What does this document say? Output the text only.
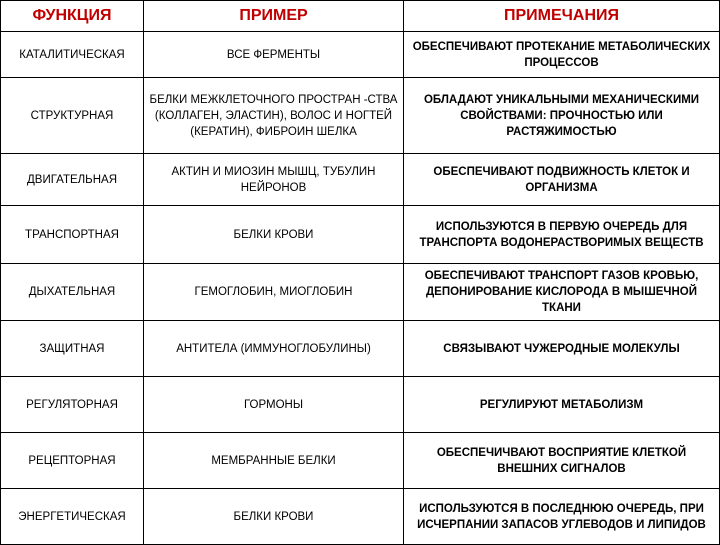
ФУНКЦИЯ	ПРИМЕР	ПРИМЕЧАНИЯ
КАТАЛИТИЧЕСКАЯ	ВСЕ ФЕРМЕНТЫ	ОБЕСПЕЧИВАЮТ ПРОТЕКАНИЕ МЕТАБОЛИЧЕСКИХ ПРОЦЕССОВ
СТРУКТУРНАЯ	БЕЛКИ МЕЖКЛЕТОЧНОГО ПРОСТРАН -СТВА (КОЛЛАГЕН, ЭЛАСТИН), ВОЛОС И НОГТЕЙ (КЕРАТИН), ФИБРОИН ШЕЛКА	ОБЛАДАЮТ УНИКАЛЬНЫМИ МЕХАНИЧЕСКИМИ СВОЙСТВАМИ: ПРОЧНОСТЬЮ ИЛИ РАСТЯЖИМОСТЬЮ
ДВИГАТЕЛЬНАЯ	АКТИН И МИОЗИН МЫШЦ, ТУБУЛИН НЕЙРОНОВ	ОБЕСПЕЧИВАЮТ ПОДВИЖНОСТЬ КЛЕТОК И ОРГАНИЗМА
ТРАНСПОРТНАЯ	БЕЛКИ КРОВИ	ИСПОЛЬЗУЮТСЯ В ПЕРВУЮ ОЧЕРЕДЬ ДЛЯ ТРАНСПОРТА ВОДОНЕРАСТВОРИМЫХ ВЕЩЕСТВ
ДЫХАТЕЛЬНАЯ	ГЕМОГЛОБИН, МИОГЛОБИН	ОБЕСПЕЧИВАЮТ ТРАНСПОРТ ГАЗОВ КРОВЬЮ, ДЕПОНИРОВАНИЕ КИСЛОРОДА В МЫШЕЧНОЙ ТКАНИ
ЗАЩИТНАЯ	АНТИТЕЛА (ИММУНОГЛОБУЛИНЫ)	СВЯЗЫВАЮТ ЧУЖЕРОДНЫЕ МОЛЕКУЛЫ
РЕГУЛЯТОРНАЯ	ГОРМОНЫ	РЕГУЛИРУЮТ МЕТАБОЛИЗМ
РЕЦЕПТОРНАЯ	МЕМБРАННЫЕ БЕЛКИ	ОБЕСПЕЧИЧВАЮТ ВОСПРИЯТИЕ КЛЕТКОЙ ВНЕШНИХ СИГНАЛОВ
ЭНЕРГЕТИЧЕСКАЯ	БЕЛКИ КРОВИ	ИСПОЛЬЗУЮТСЯ В ПОСЛЕДНЮЮ ОЧЕРЕДЬ, ПРИ ИСЧЕРПАНИИ ЗАПАСОВ УГЛЕВОДОВ И ЛИПИДОВ
